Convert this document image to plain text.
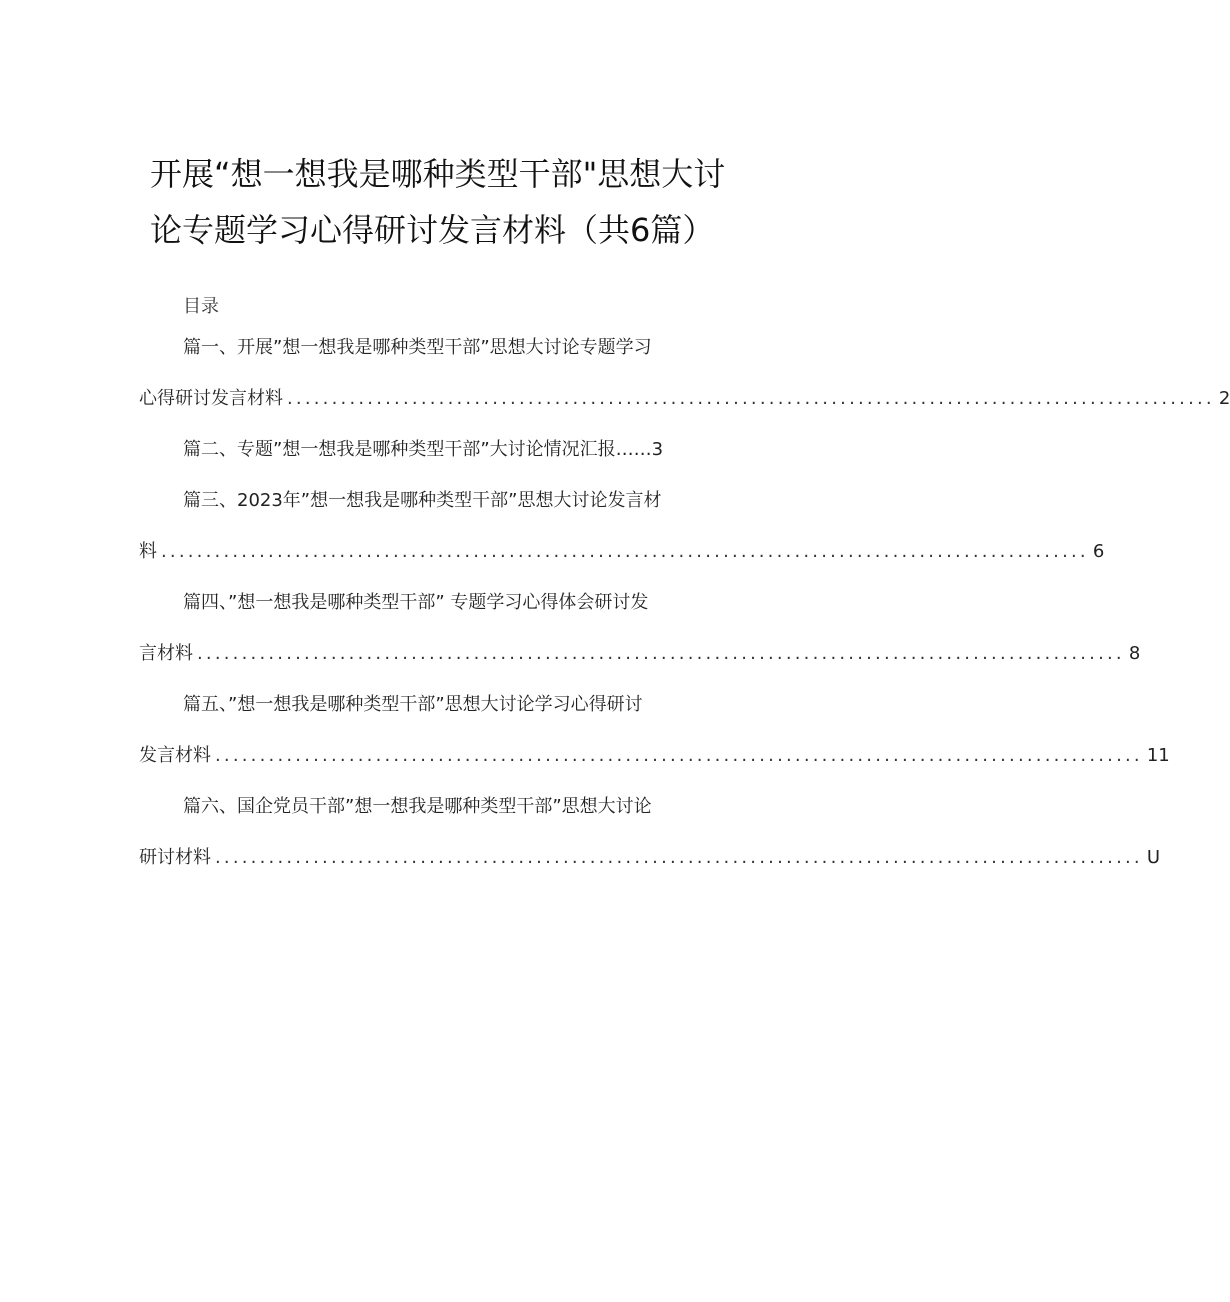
开展“想一想我是哪种类型干部"思想大讨
论专题学习心得研讨发言材料（共6篇）
目录
篇一、开展”想一想我是哪种类型干部”思想大讨论专题学习
心得研讨发言材料 ........................................................................................................ 2
篇二、专题”想一想我是哪种类型干部”大讨论情况汇报……3
篇三、2023年”想一想我是哪种类型干部”思想大讨论发言材
料 ........................................................................................................ 6
篇四、”想一想我是哪种类型干部” 专题学习心得体会研讨发
言材料 ........................................................................................................ 8
篇五、”想一想我是哪种类型干部”思想大讨论学习心得研讨
发言材料 ........................................................................................................ 11
篇六、国企党员干部”想一想我是哪种类型干部”思想大讨论
研讨材料 ........................................................................................................ U
